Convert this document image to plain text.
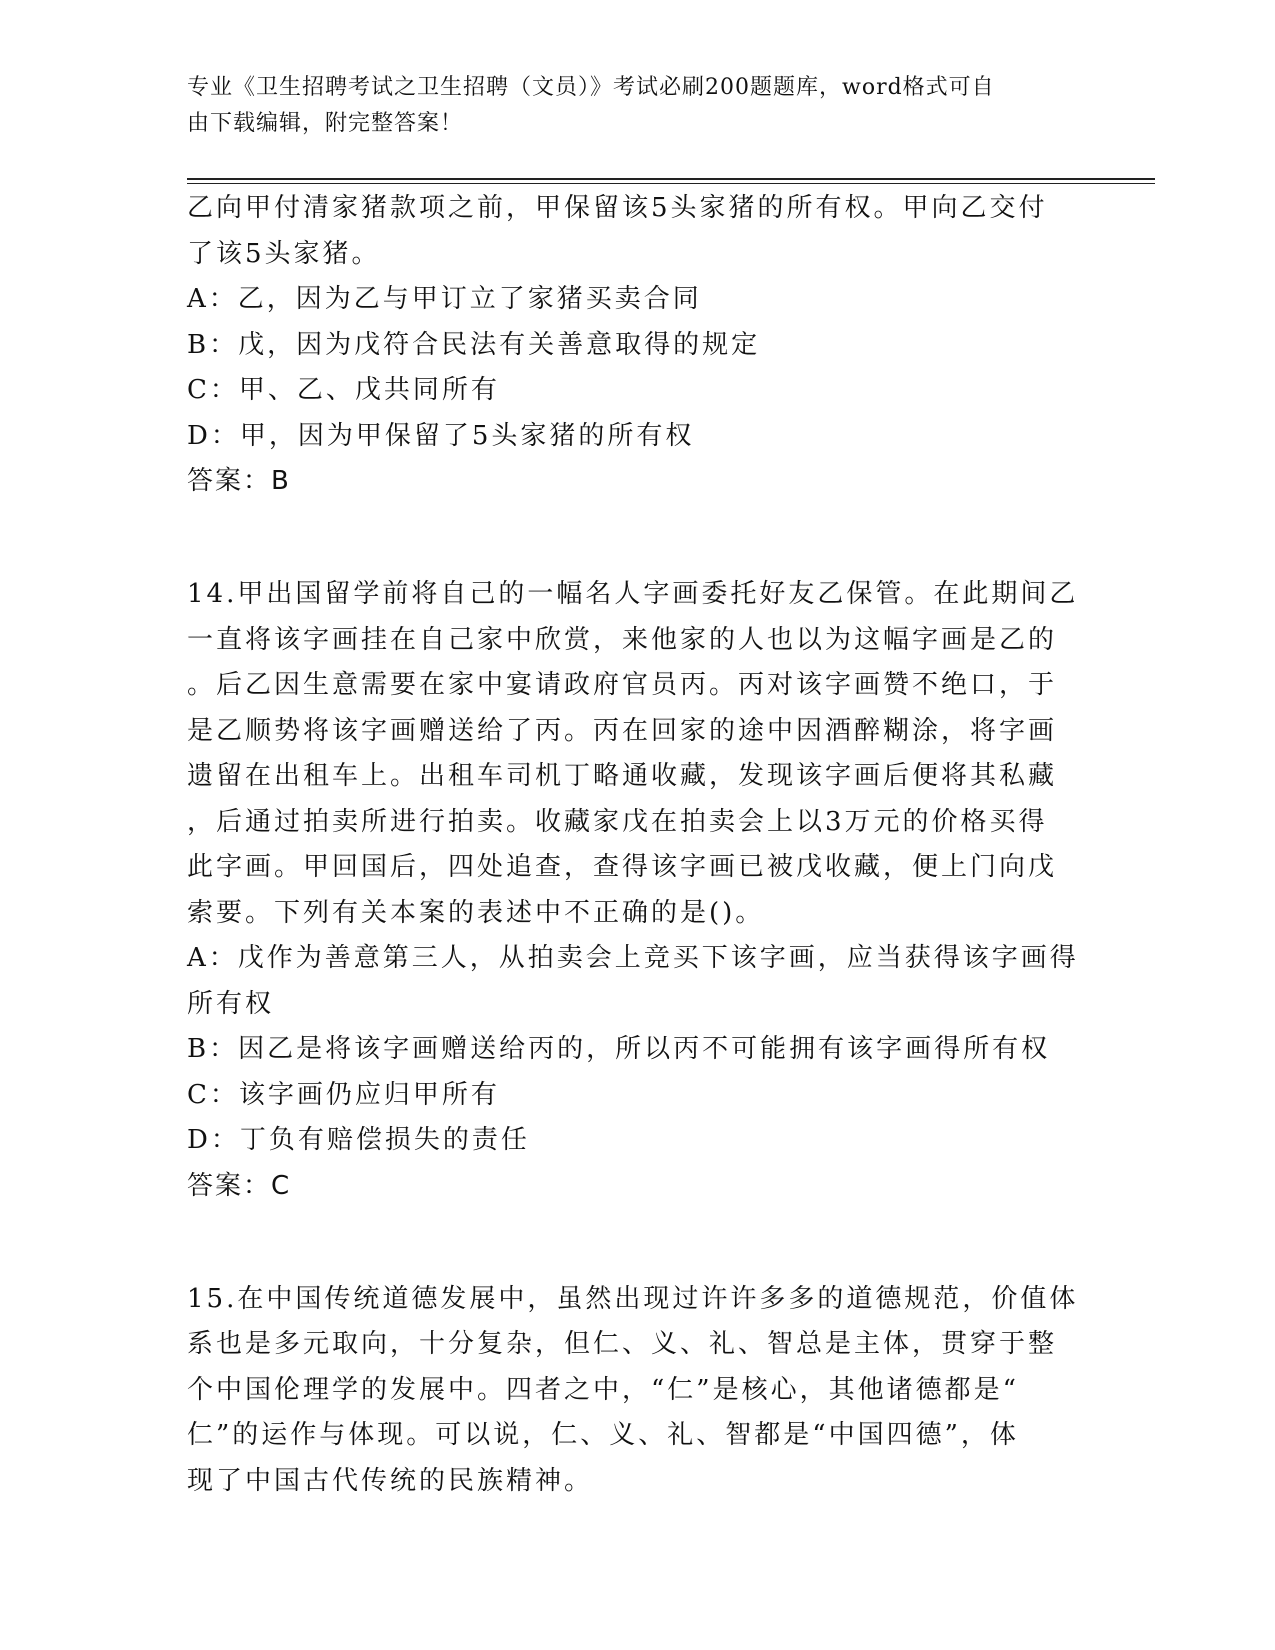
专业《卫生招聘考试之卫生招聘（文员）》考试必刷200题题库，word格式可自
由下载编辑，附完整答案！
乙向甲付清家猪款项之前，甲保留该5头家猪的所有权。甲向乙交付
了该5头家猪。
A：乙，因为乙与甲订立了家猪买卖合同
B：戊，因为戊符合民法有关善意取得的规定
C：甲、乙、戊共同所有
D：甲，因为甲保留了5头家猪的所有权
答案：B
14.甲出国留学前将自己的一幅名人字画委托好友乙保管。在此期间乙
一直将该字画挂在自己家中欣赏，来他家的人也以为这幅字画是乙的
。后乙因生意需要在家中宴请政府官员丙。丙对该字画赞不绝口，于
是乙顺势将该字画赠送给了丙。丙在回家的途中因酒醉糊涂，将字画
遗留在出租车上。出租车司机丁略通收藏，发现该字画后便将其私藏
，后通过拍卖所进行拍卖。收藏家戊在拍卖会上以3万元的价格买得
此字画。甲回国后，四处追查，查得该字画已被戊收藏，便上门向戊
索要。下列有关本案的表述中不正确的是()。
A：戊作为善意第三人，从拍卖会上竞买下该字画，应当获得该字画得
所有权
B：因乙是将该字画赠送给丙的，所以丙不可能拥有该字画得所有权
C：该字画仍应归甲所有
D：丁负有赔偿损失的责任
答案：C
15.在中国传统道德发展中，虽然出现过许许多多的道德规范，价值体
系也是多元取向，十分复杂，但仁、义、礼、智总是主体，贯穿于整
个中国伦理学的发展中。四者之中，“仁”是核心，其他诸德都是“
仁”的运作与体现。可以说，仁、义、礼、智都是“中国四德”，体
现了中国古代传统的民族精神。
